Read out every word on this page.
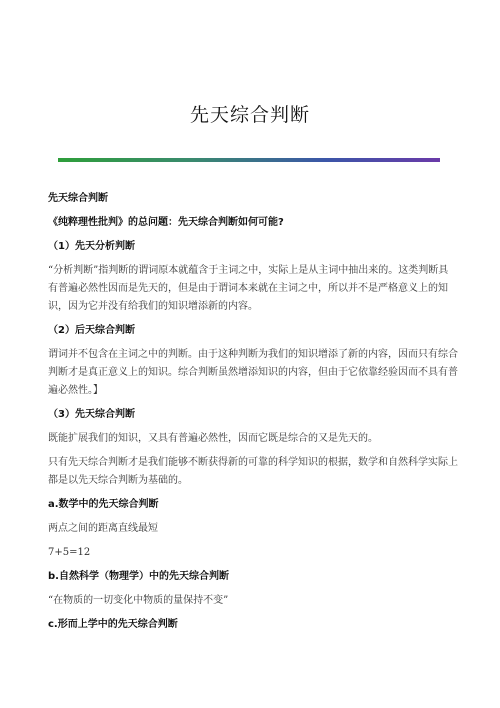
先天综合判断

先天综合判断

《纯粹理性批判》的总问题：先天综合判断如何可能?

（1）先天分析判断

“分析判断”指判断的谓词原本就蕴含于主词之中，实际上是从主词中抽出来的。这类判断具有普遍必然性因而是先天的，但是由于谓词本来就在主词之中，所以并不是严格意义上的知识，因为它并没有给我们的知识增添新的内容。

（2）后天综合判断

谓词并不包含在主词之中的判断。由于这种判断为我们的知识增添了新的内容，因而只有综合判断才是真正意义上的知识。综合判断虽然增添知识的内容，但由于它依靠经验因而不具有普遍必然性。】

（3）先天综合判断

既能扩展我们的知识，又具有普遍必然性，因而它既是综合的又是先天的。

只有先天综合判断才是我们能够不断获得新的可靠的科学知识的根据，数学和自然科学实际上都是以先天综合判断为基础的。

a.数学中的先天综合判断

两点之间的距离直线最短

7+5=12

b.自然科学（物理学）中的先天综合判断

“在物质的一切变化中物质的量保持不变”

c.形而上学中的先天综合判断
